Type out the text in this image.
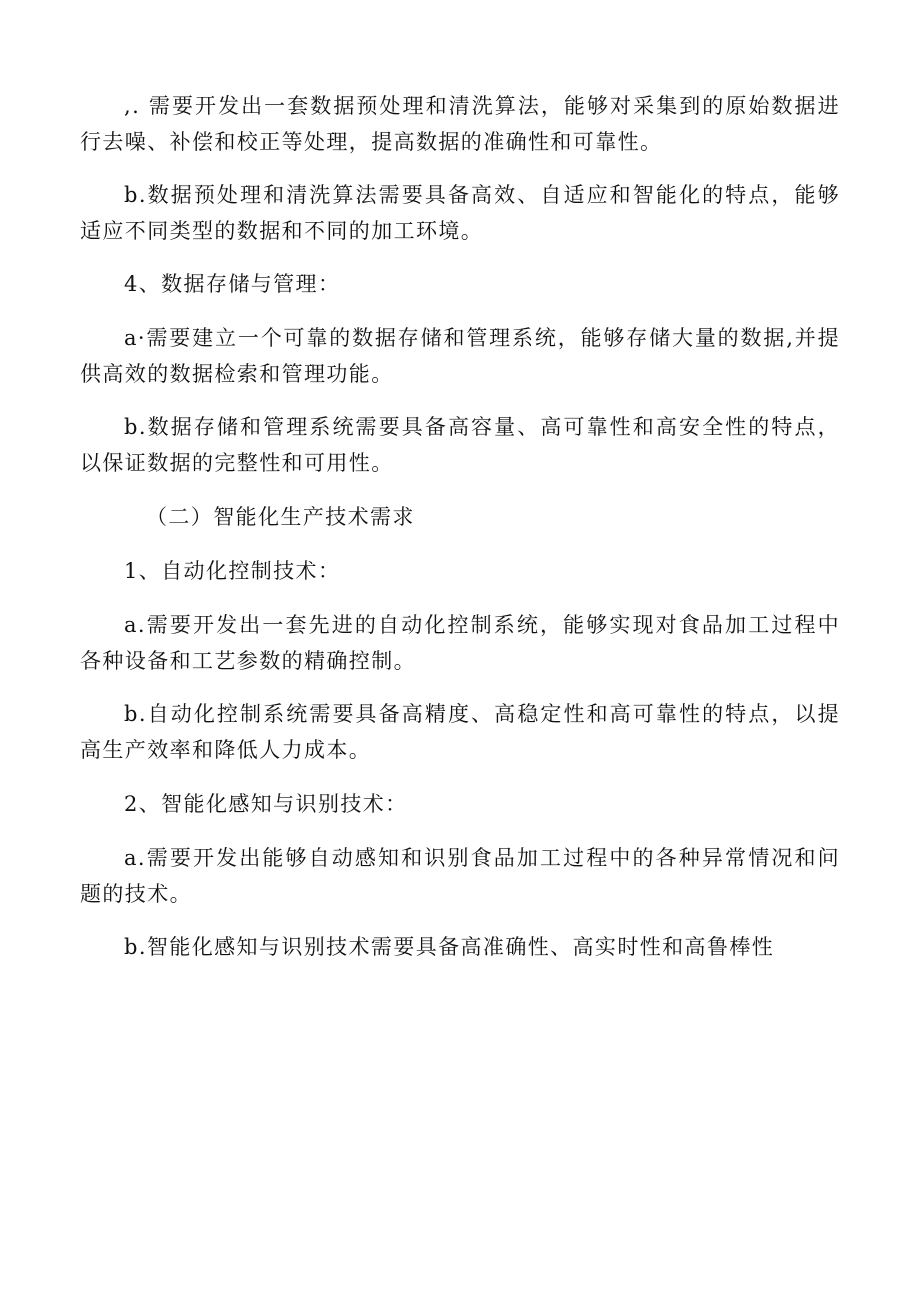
,. 需要开发出一套数据预处理和清洗算法，能够对采集到的原始数据进行去噪、补偿和校正等处理，提高数据的准确性和可靠性。

b.数据预处理和清洗算法需要具备高效、自适应和智能化的特点，能够适应不同类型的数据和不同的加工环境。

4、数据存储与管理：

a·需要建立一个可靠的数据存储和管理系统，能够存储大量的数据,并提供高效的数据检索和管理功能。

b.数据存储和管理系统需要具备高容量、高可靠性和高安全性的特点，以保证数据的完整性和可用性。

（二）智能化生产技术需求

1、自动化控制技术：

a.需要开发出一套先进的自动化控制系统，能够实现对食品加工过程中各种设备和工艺参数的精确控制。

b.自动化控制系统需要具备高精度、高稳定性和高可靠性的特点，以提高生产效率和降低人力成本。

2、智能化感知与识别技术：

a.需要开发出能够自动感知和识别食品加工过程中的各种异常情况和问题的技术。

b.智能化感知与识别技术需要具备高准确性、高实时性和高鲁棒性
